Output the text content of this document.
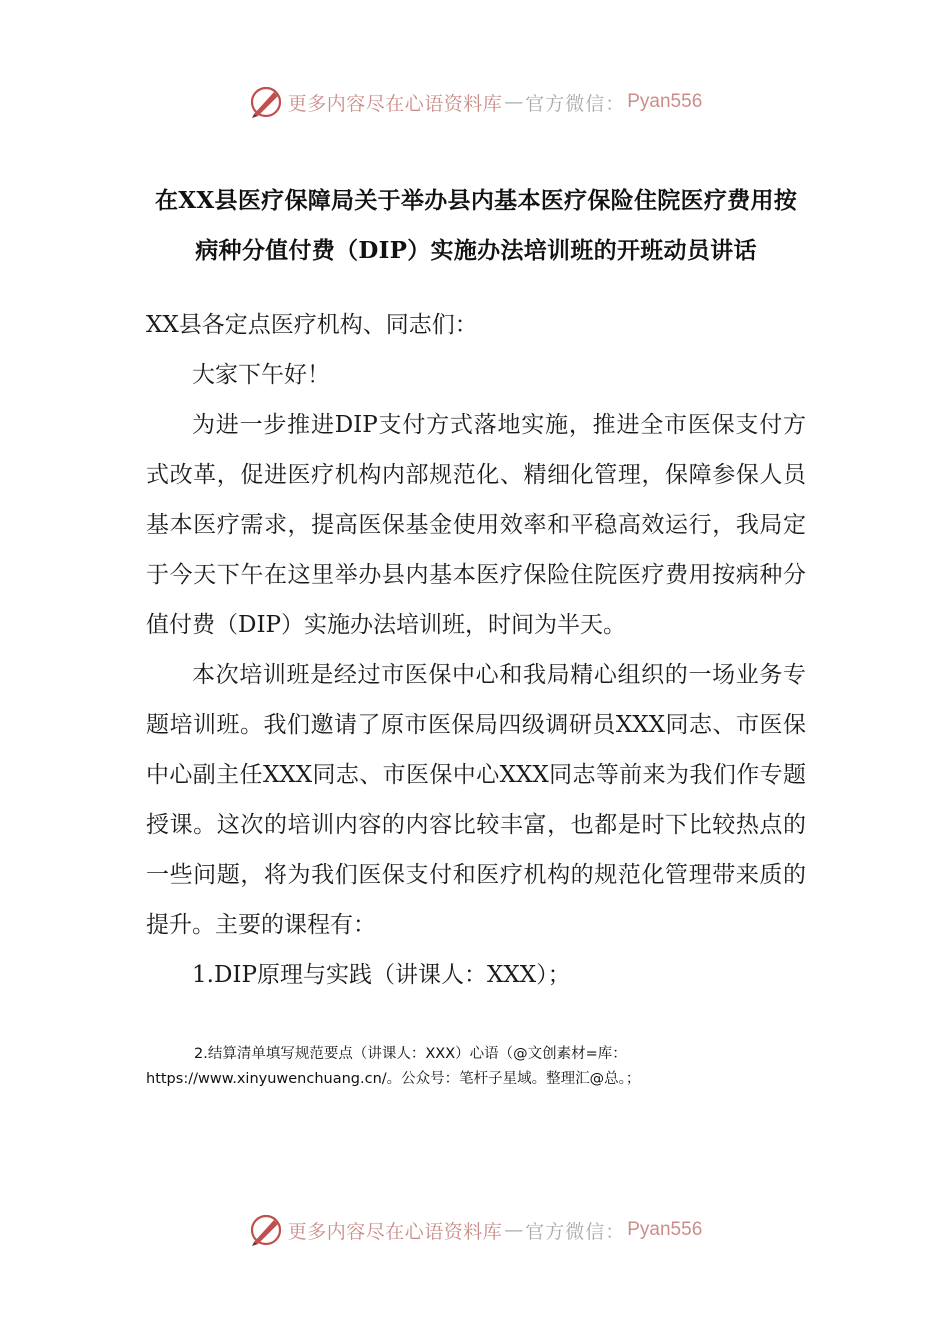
更多内容尽在心语资料库 — 官方微信： Pyan556
在XX县医疗保障局关于举办县内基本医疗保险住院医疗费用按病种分值付费（DIP）实施办法培训班的开班动员讲话

XX县各定点医疗机构、同志们：

大家下午好！

为进一步推进DIP支付方式落地实施，推进全市医保支付方式改革，促进医疗机构内部规范化、精细化管理，保障参保人员基本医疗需求，提高医保基金使用效率和平稳高效运行，我局定于今天下午在这里举办县内基本医疗保险住院医疗费用按病种分值付费（DIP）实施办法培训班，时间为半天。

本次培训班是经过市医保中心和我局精心组织的一场业务专题培训班。我们邀请了原市医保局四级调研员XXX同志、市医保中心副主任XXX同志、市医保中心XXX同志等前来为我们作专题授课。这次的培训内容的内容比较丰富，也都是时下比较热点的一些问题，将为我们医保支付和医疗机构的规范化管理带来质的提升。主要的课程有：

1.DIP原理与实践（讲课人：XXX）；

2.结算清单填写规范要点（讲课人：XXX）心语（@文创素材=库：
https://www.xinyuwenchuang.cn/。公众号：笔杆子星域。整理汇@总。；
更多内容尽在心语资料库 — 官方微信： Pyan556
